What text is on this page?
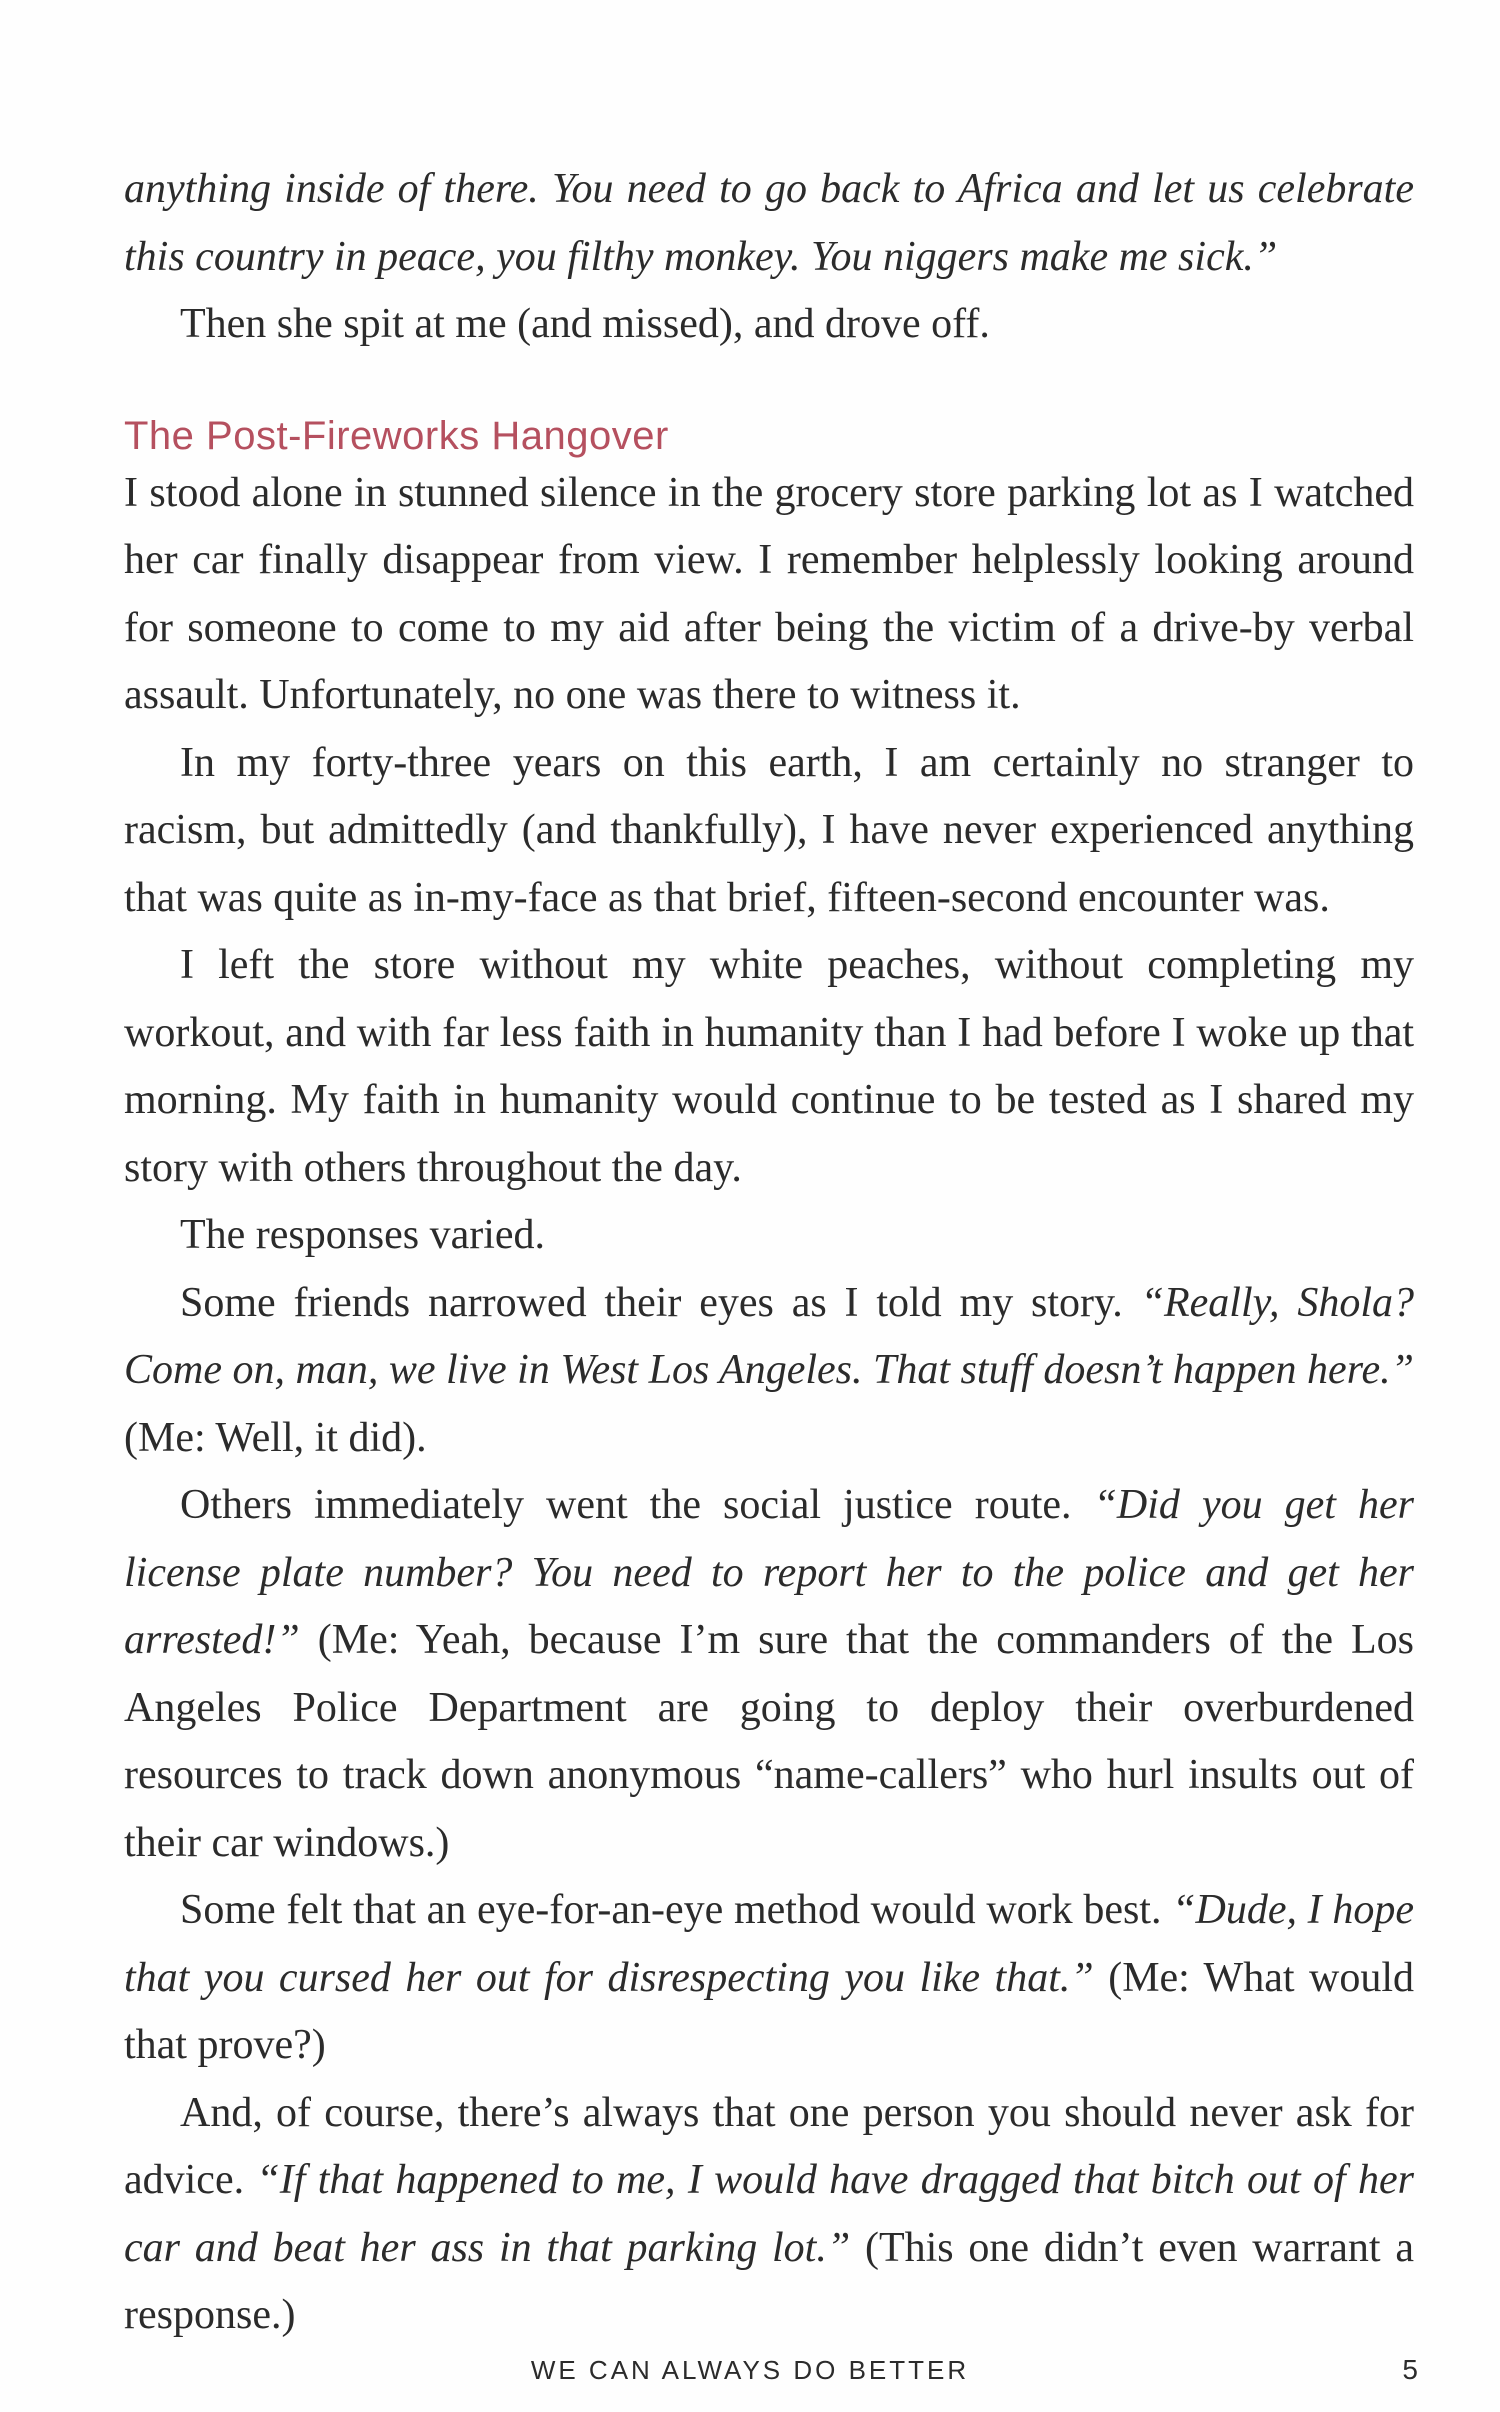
anything inside of there. You need to go back to Africa and let us celebrate this country in peace, you filthy monkey. You niggers make me sick.”

Then she spit at me (and missed), and drove off.

The Post-Fireworks Hangover

I stood alone in stunned silence in the grocery store parking lot as I watched her car finally disappear from view. I remember helplessly looking around for someone to come to my aid after being the victim of a drive-by verbal assault. Unfortunately, no one was there to witness it.

In my forty-three years on this earth, I am certainly no stranger to racism, but admittedly (and thankfully), I have never experienced anything that was quite as in-my-face as that brief, fifteen-second encounter was.

I left the store without my white peaches, without completing my workout, and with far less faith in humanity than I had before I woke up that morning. My faith in humanity would continue to be tested as I shared my story with others throughout the day.

The responses varied.

Some friends narrowed their eyes as I told my story. “Really, Shola? Come on, man, we live in West Los Angeles. That stuff doesn’t happen here.” (Me: Well, it did).

Others immediately went the social justice route. “Did you get her license plate number? You need to report her to the police and get her arrested!” (Me: Yeah, because I’m sure that the commanders of the Los Angeles Police Department are going to deploy their overburdened resources to track down anonymous “name-callers” who hurl insults out of their car windows.)

Some felt that an eye-for-an-eye method would work best. “Dude, I hope that you cursed her out for disrespecting you like that.” (Me: What would that prove?)

And, of course, there’s always that one person you should never ask for advice. “If that happened to me, I would have dragged that bitch out of her car and beat her ass in that parking lot.” (This one didn’t even warrant a response.)

WE CAN ALWAYS DO BETTER	5
